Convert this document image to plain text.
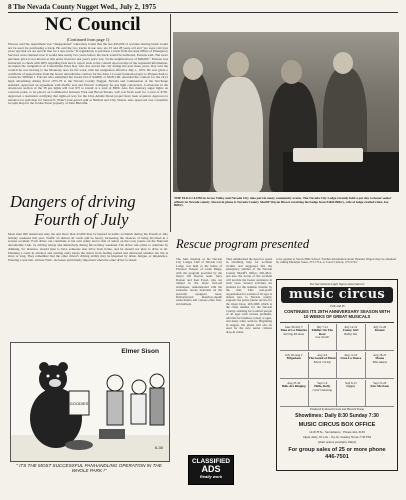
8 The Nevada County Nugget Wed., July 2, 1975
NC Council
(Continued from page 1)
Parsons said the department was "disappointed" when they found that the last $45,000 of revenue sharing funds would not be used for purchasing a truck. He said the two trucks in use now are 25 and 28 years old and "we were told four years ago that we are next in line for a new truck." If regulations to purchase a truck from the state Office of Emergency Services were checked now it would take nearly two years before the truck would be delivered, Parsons said. The exact purchase price is not known at this point, however last year's price was "in the neighborhood of $48,000." Parsons was instructed to check with OES regarding bids and to report back to the council upon receipt of the requested information. Accepted the resignation of Councilman Peter Ray who has served the city during the past three years. Ray told the council he was moving to the Monterey area for his work, with his resignation effective July 1, 1975. He was given a certificate of appreciation from the board. Awarded the contract for the John J. Looser fountain project to Pioneer Park to contractor William J. Falconi who submitted the lowest bid of $4,890, or $9,811.90. Awarded the contract for the city's legal advertising during fiscal 1975-76 to the Nevada County Nugget, Nevada and continuation of the Surcharge standard. Approved an agreement with Pacific Gas and Electric Company for gas light conversion. Conversion in the downtown section of the 38 gas lights will cost $75 to install or a total of $900. Also five memory sugar lights on concrete poles, to be placed on Commercial between York and Broad Streets, will cost $120 each for a total of $750. Approved a resolution certifying that rights-of-way for the Clay-Adams Street project have been acquired. Approved a tentative lot split map for Vernon E. Elder's four-parcel split at Nimrod and Clay Streets. Also approved was a tentative lot split map for the Jordan Street property of John Bertolini.
Dangers of driving
Fourth of July
More than 600 Americans may die and more than 25,000 may be injured in traffic accidents during the Fourth of July holiday weekend this year. Traffic on almost all roads will be heavy, increasing the chances of being involved in a serious accident. Each driver can contribute to his own safety and to that of others on the road, points out the National Automobile Club, by driving wisely and defensively during this holiday weekend. The driver who plans to celebrate by drinking, for instance, should plan to have someone else drive back home, and he should not plan to drive at all. Planning a route in advance and starting early keeps the driver from feeling rushed and distracted whether his trip is short or long. They remember that the other driver's driving ability may be impaired by drink, fatigue, or impatience. Wearing a seat belt, advises NAC, increases particularly important when the other driver is ahead.
THE ELKS CLUBS in Grass Valley and Nevada City take part in many community events. The Nevada City Lodge recently held a pot day to honor senior officers in Nevada county. Shown in photo is Nevada County Sheriff Wayne Brown receiving his badge from Edith Bilbry, wife of lodge exalted ruler, Joe Bilbry.
GOODIES
Elmer Sison
6-30
" ITS THE MOST SUCCESSFUL PANHANDLING OPERATION IN THE WHOLE PARK !"
Rescue program presented
The June meeting of the Nevada City Lodges Club of Nevada City Lodge was held at the home of Florence Vasseur of Cedar Ridge, with the program provided by the Ouyet 102 Rescue team. Jerry Dayton and Ken Fread, who are trained in the latest first-aid techniques, demonstrated with the extensive rescue materials on the specially equipped truck. Demonstrated mouth-to-mouth resuscitation and various other first-aid methods.
They emphasized the need for speed in obtaining help for accident victims and suggested that the emergency number of the Nevada County Sheriff's Office, 265-4611, and also the locale of the accident will provide the fastest assistance in such cases. Several activities are planned for the summer months by the club. This non-profit organization for women of all ages is almost new to Nevada county, supports the police phone service for the Open Door, 265-2966 which is the crisis number for the Nevada County, assisting for troubled people of all ages with various problems, referrals for business, lonely or aged, and many other services. Beginning in August, the phone will also be used for the new senior citizens drop-in center.
to be opened at Seven Hills School. Further information about Western Wagon may be obtained by calling Madalyn Jones, 273-7714, or Carol Carlson, 273-5743.
The Sacramento Light Opera Association's
music circus
15th and H
CONTINUES ITS 25TH ANNIVERSARY SEASON WITH 10 WEEKS OF GREAT MUSICALS
June 30-July 5
Man of La Mancha
starring Ed Ames
July 7-12
Fiddler On The Roof
Lou Jacobi
July 14-19
Funny Girl
Bobby Van
July 21-26
Kismet
July 28-Aug 2
Brigadoon
Aug 4-9
The Sound of Music
Eileen Christy
Aug 11-16
Irma La Douce
Aug 18-23
Mame
Edie Adams
Aug 25-30
Bells Are Ringing
Sept 1-6
Hello, Dolly
Carol Channing
Sept 8-13
Gypsy
Sept 15-20
Kiss Me Kate
Produced by Russell Lewis and Howard Young
Showtimes: Daily 8:30 Sunday 7:30
MUSIC CIRCUS BOX OFFICE
1419 H St., Sacramento · Phone 441-3163
Open daily 10 a.m. - 9 p.m. Sunday Noon-7:30 PM
(mail orders promptly filled)
For group sales of 25 or more phone 446-7501
CLASSIFIED
ADS
Really work
